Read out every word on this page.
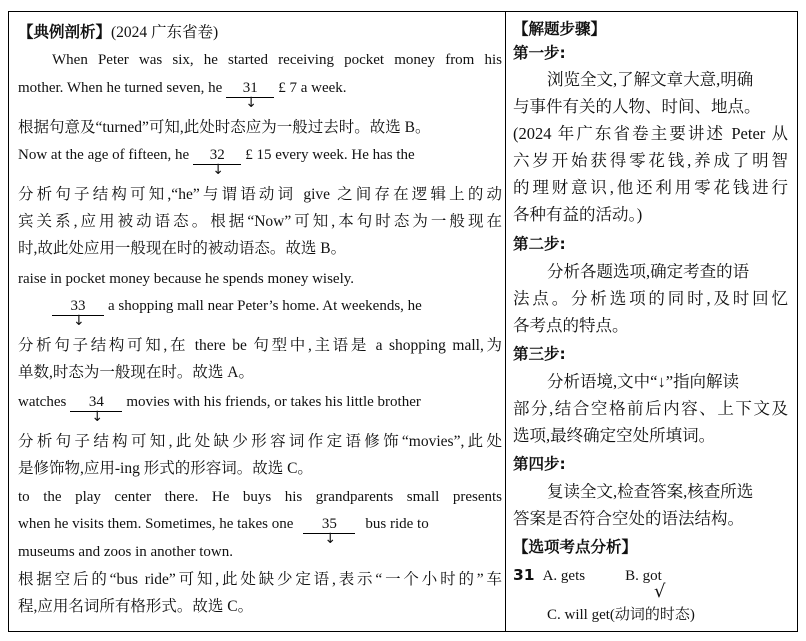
【典例剖析】(2024 广东省卷)
When Peter was six, he started receiving pocket money from his
mother. When he turned seven, he 31
↓
£ 7 a week.
根据句意及“turned”可知,此处时态应为一般过去时。故选 B。
Now at the age of fifteen, he 32
↓
£ 15 every week. He has the
分析句子结构可知,“he”与谓语动词 give 之间存在逻辑上的动
宾关系,应用被动语态。根据“Now”可知,本句时态为一般现在
时,故此处应用一般现在时的被动语态。故选 B。
raise in pocket money because he spends money wisely.
33
↓
a shopping mall near Peter’s home. At weekends, he
分析句子结构可知,在 there be 句型中,主语是 a shopping mall,为
单数,时态为一般现在时。故选 A。
watches 34
↓
movies with his friends, or takes his little brother
分析句子结构可知,此处缺少形容词作定语修饰“movies”,此处
是修饰物,应用-ing 形式的形容词。故选 C。
to the play center there. He buys his grandparents small presents
when he visits them. Sometimes, he takes one 35
↓
bus ride to
museums and zoos in another town.
根据空后的“bus ride”可知,此处缺少定语,表示“一个小时的”车
程,应用名词所有格形式。故选 C。
【解题步骤】
第一步:
浏览全文,了解文章大意,明确
与事件有关的人物、时间、地点。
(2024 年广东省卷主要讲述 Peter 从
六岁开始获得零花钱,养成了明智
的理财意识,他还利用零花钱进行
各种有益的活动。)
第二步:
分析各题选项,确定考查的语
法点。分析选项的同时,及时回忆
各考点的特点。
第三步:
分析语境,文中“↓”指向解读
部分,结合空格前后内容、上下文及
选项,最终确定空处所填词。
第四步:
复读全文,检查答案,核查所选
答案是否符合空处的语法结构。
【选项考点分析】
31 A. gets	B. got
√
C. will get(动词的时态)
